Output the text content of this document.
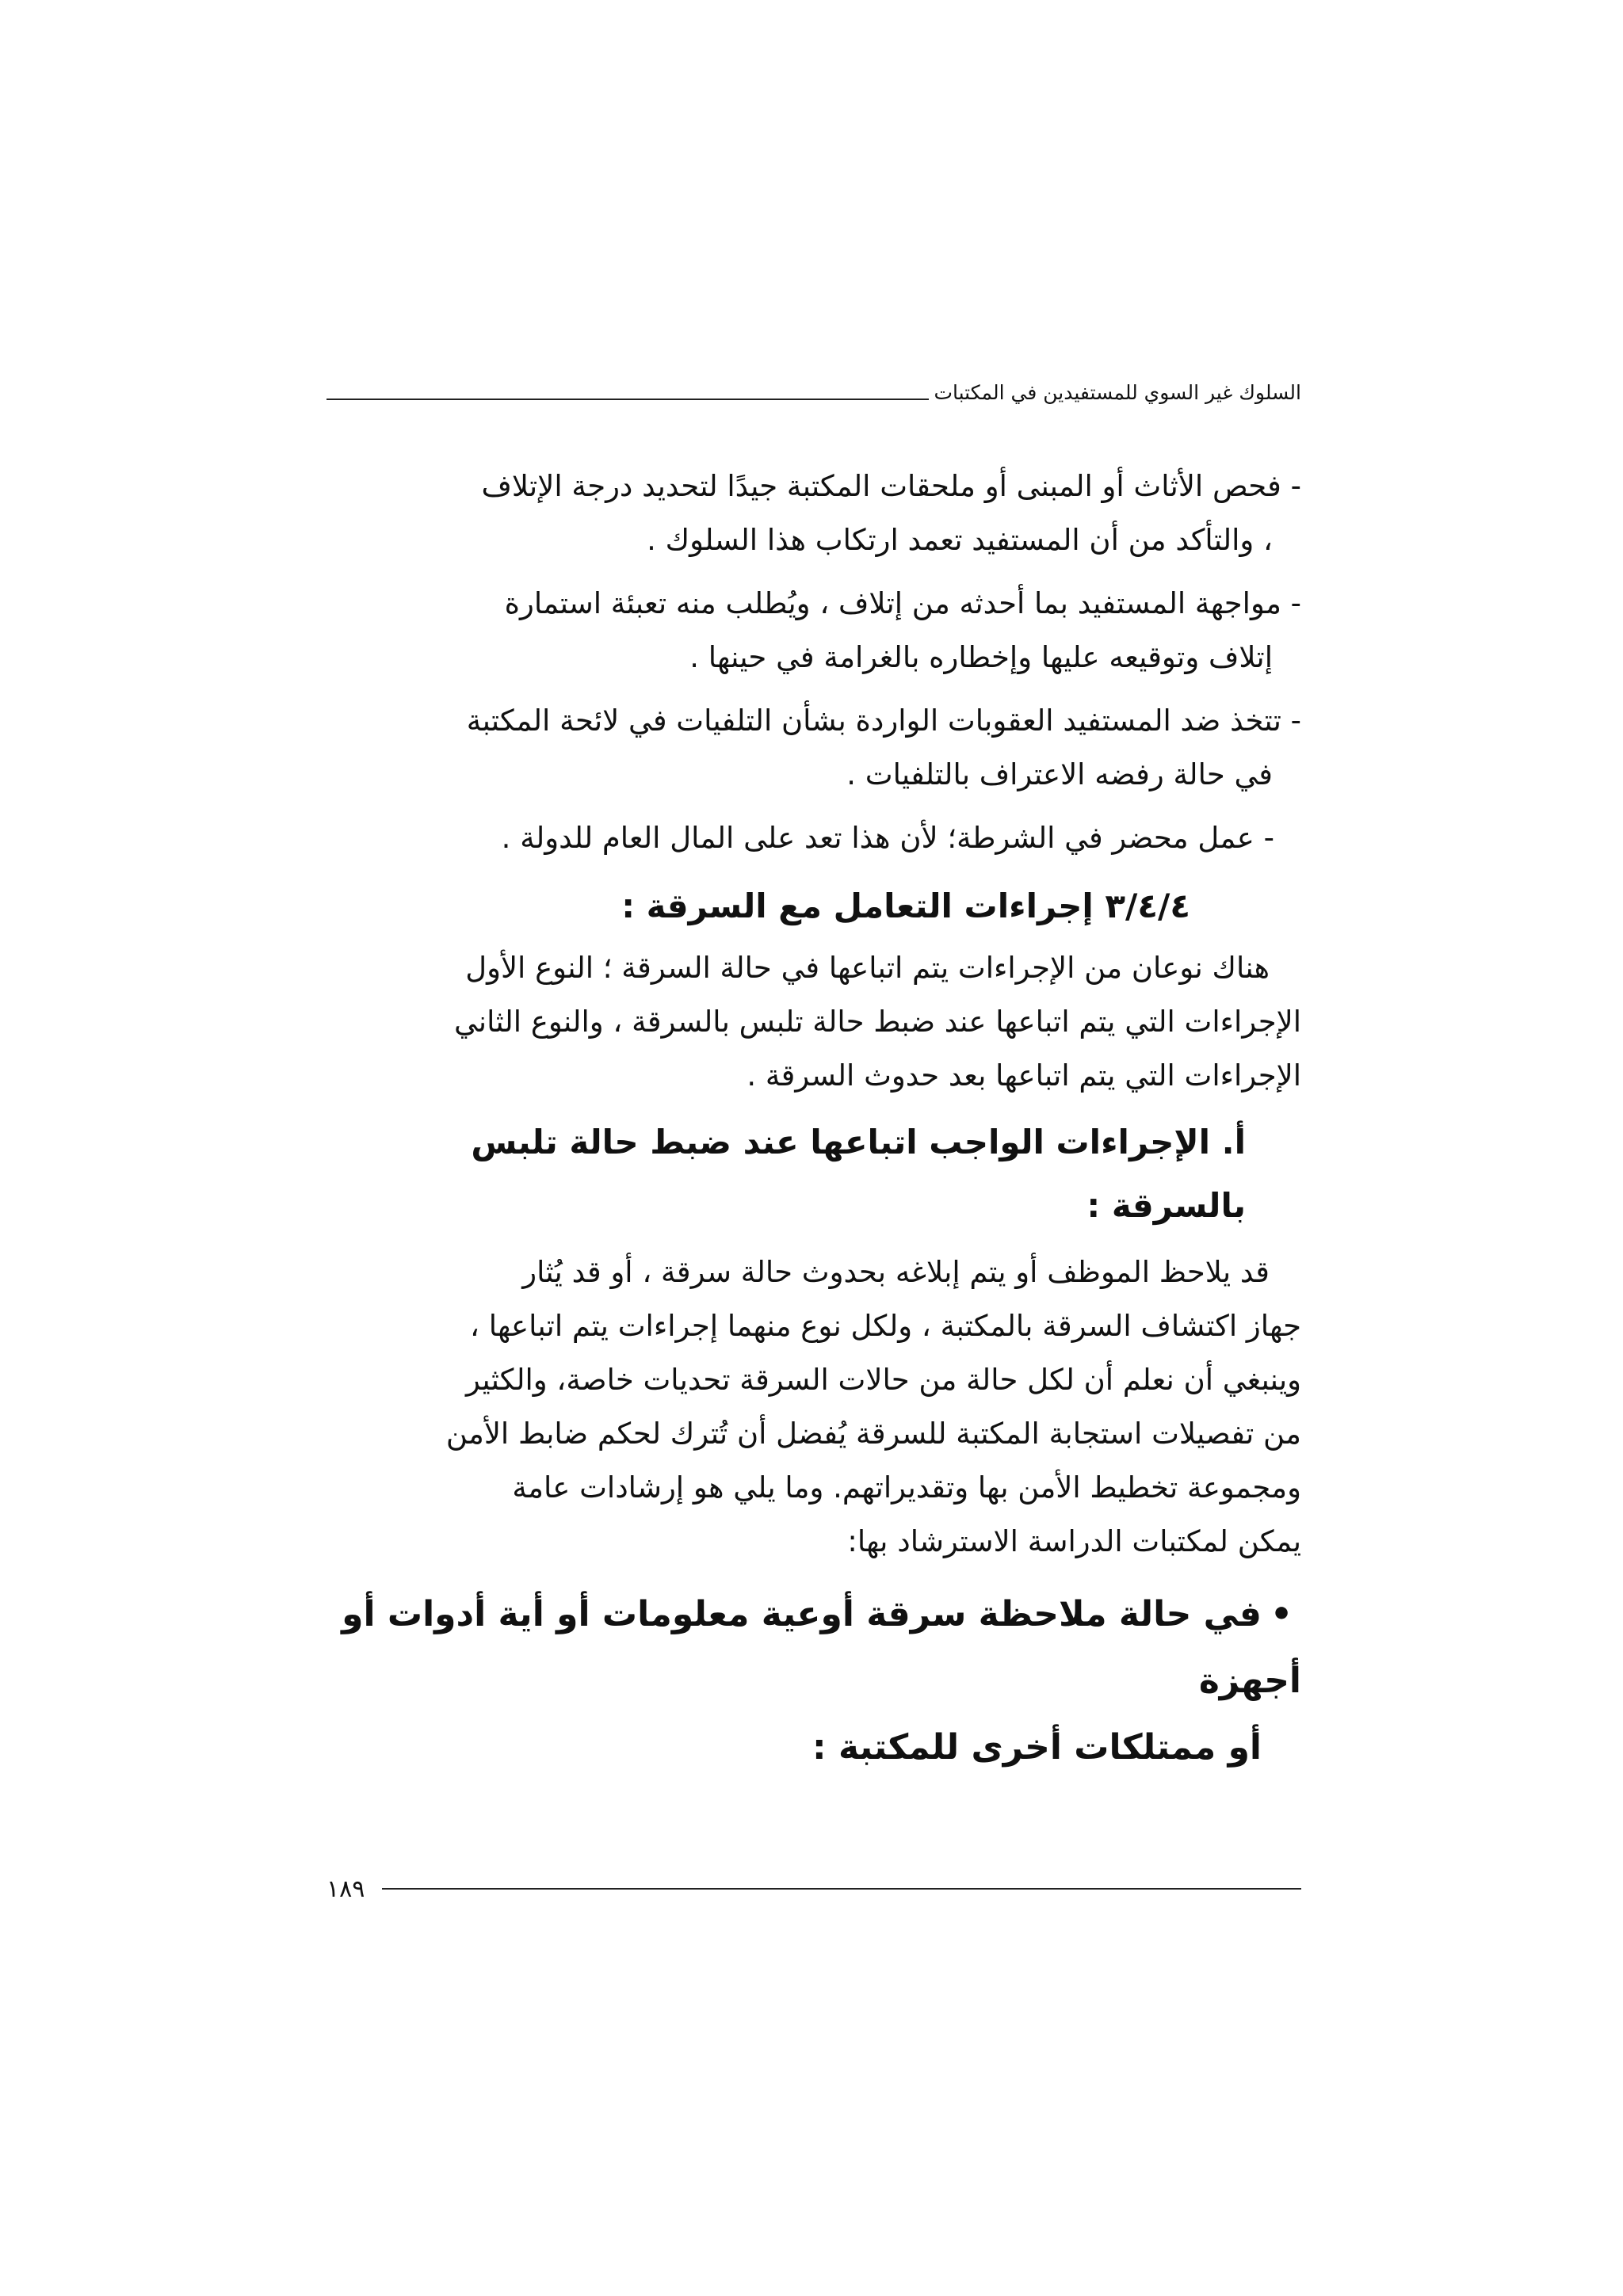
السلوك غير السوي للمستفيدين في المكتبات
- فحص الأثاث أو المبنى أو ملحقات المكتبة جيدًا لتحديد درجة الإتلاف
، والتأكد من أن المستفيد تعمد ارتكاب هذا السلوك .
- مواجهة المستفيد بما أحدثه من إتلاف ، ويُطلب منه تعبئة استمارة
إتلاف وتوقيعه عليها وإخطاره بالغرامة في حينها .
- تتخذ ضد المستفيد العقوبات الواردة بشأن التلفيات في لائحة المكتبة
في حالة رفضه الاعتراف بالتلفيات .
- عمل محضر في الشرطة؛ لأن هذا تعد على المال العام للدولة .
٣/٤/٤ إجراءات التعامل مع السرقة :
هناك نوعان من الإجراءات يتم اتباعها في حالة السرقة ؛ النوع الأول
الإجراءات التي يتم اتباعها عند ضبط حالة تلبس بالسرقة ، والنوع الثاني
الإجراءات التي يتم اتباعها بعد حدوث السرقة .
أ. الإجراءات الواجب اتباعها عند ضبط حالة تلبس بالسرقة :
قد يلاحظ الموظف أو يتم إبلاغه بحدوث حالة سرقة ، أو قد يُثار
جهاز اكتشاف السرقة بالمكتبة ، ولكل نوع منهما إجراءات يتم اتباعها ،
وينبغي أن نعلم أن لكل حالة من حالات السرقة تحديات خاصة، والكثير
من تفصيلات استجابة المكتبة للسرقة يُفضل أن تُترك لحكم ضابط الأمن
ومجموعة تخطيط الأمن بها وتقديراتهم. وما يلي هو إرشادات عامة
يمكن لمكتبات الدراسة الاسترشاد بها:
•في حالة ملاحظة سرقة أوعية معلومات أو أية أدوات أو أجهزة
أو ممتلكات أخرى للمكتبة :
١٨٩
